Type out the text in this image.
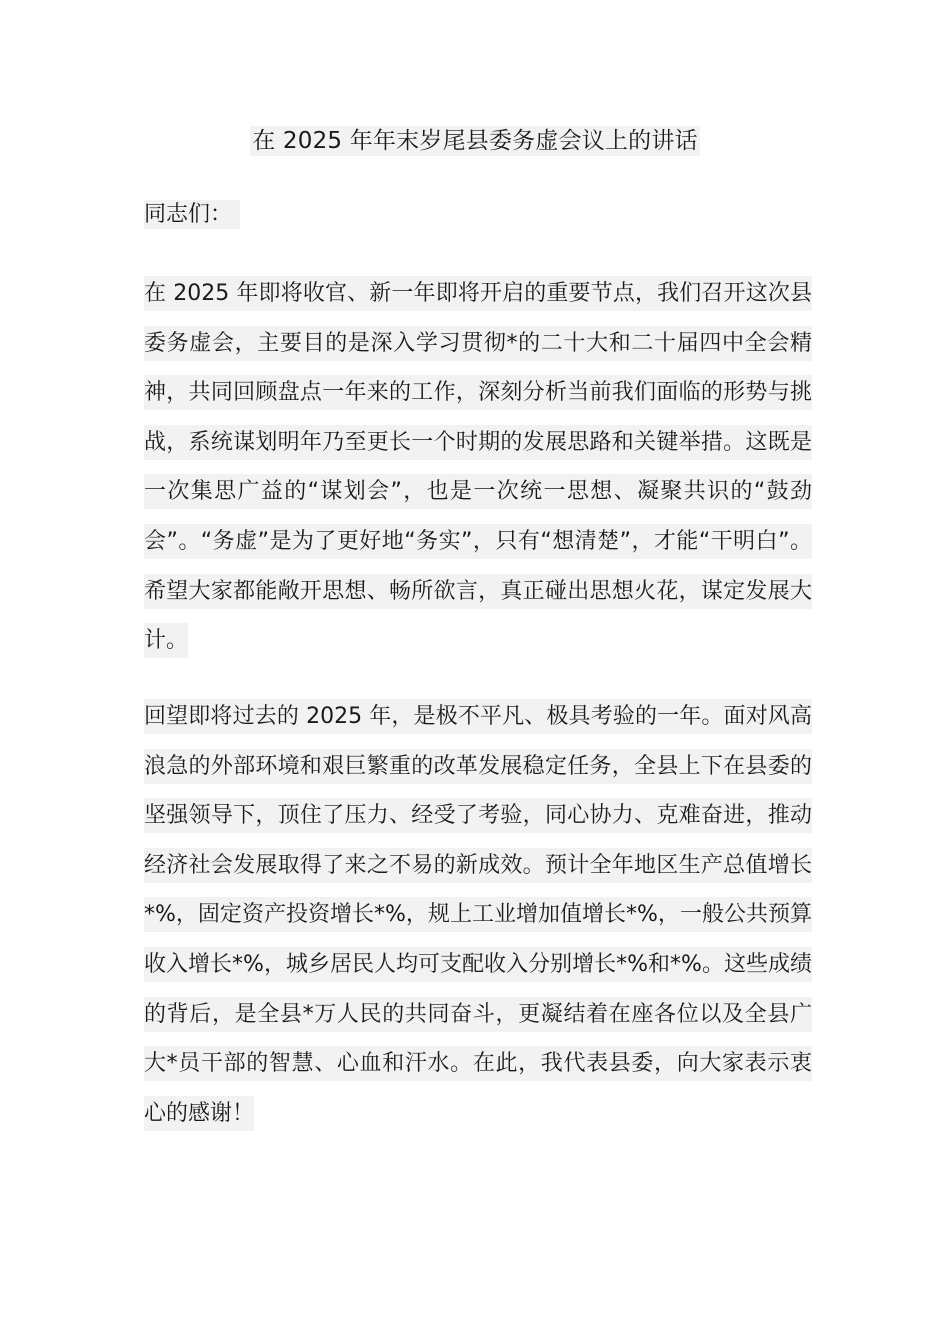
在 2025 年年末岁尾县委务虚会议上的讲话
同志们：

在 2025 年即将收官、新一年即将开启的重要节点，我们召开这次县委务虚会，主要目的是深入学习贯彻*的二十大和二十届四中全会精神，共同回顾盘点一年来的工作，深刻分析当前我们面临的形势与挑战，系统谋划明年乃至更长一个时期的发展思路和关键举措。这既是一次集思广益的“谋划会”，也是一次统一思想、凝聚共识的“鼓劲会”。“务虚”是为了更好地“务实”，只有“想清楚”，才能“干明白”。希望大家都能敞开思想、畅所欲言，真正碰出思想火花，谋定发展大计。

回望即将过去的 2025 年，是极不平凡、极具考验的一年。面对风高浪急的外部环境和艰巨繁重的改革发展稳定任务，全县上下在县委的坚强领导下，顶住了压力、经受了考验，同心协力、克难奋进，推动经济社会发展取得了来之不易的新成效。预计全年地区生产总值增长*%，固定资产投资增长*%，规上工业增加值增长*%，一般公共预算收入增长*%，城乡居民人均可支配收入分别增长*%和*%。这些成绩的背后，是全县*万人民的共同奋斗，更凝结着在座各位以及全县广大*员干部的智慧、心血和汗水。在此，我代表县委，向大家表示衷心的感谢！
